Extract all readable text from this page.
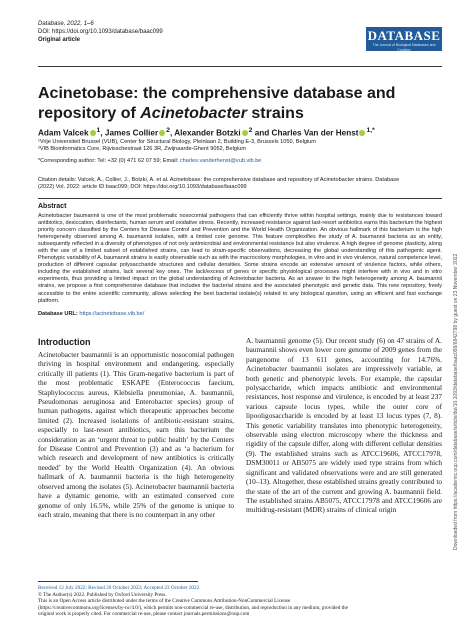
Database, 2022, 1–6
DOI: https://doi.org/10.1093/database/baac099
Original article	DATABASE
The Journal of Biological Databases and Curation
Acinetobase: the comprehensive database and repository of Acinetobacter strains
Adam Valcek $^1$, James Collier $^2$, Alexander Botzki $^2$ and Charles Van der Henst $^{1,*}$
¹Vrije Universiteit Brussel (VUB), Center for Structural Biology, Pleinlaan 2, Building E-3, Brussels 1050, Belgium
²VIB Bioinformatics Core, Rijvisschestraat 126 3R, Zwijnaarde-Ghent 9052, Belgium
*Corresponding author: Tel: +32 (0) 471 62 07 59; Email: charles.vanderhenst@vub.vib.be
Citation details: Valcek, A., Collier, J., Botzki, A. et al. Acinetobase: the comprehensive database and repository of Acinetobacter strains. Database
(2022) Vol. 2022: article ID baac099; DOI: https://doi.org/10.1093/database/baac099
Abstract

Acinetobacter baumannii is one of the most problematic nosocomial pathogens that can efficiently thrive within hospital settings, mainly due to resistances toward antibiotics, desiccation, disinfectants, human serum and oxidative stress. Recently, increased resistance against last-resort antibiotics earns this bacterium the highest priority concern classified by the Centers for Disease Control and Prevention and the World Health Organization. An obvious hallmark of this bacterium is the high heterogeneity observed among A. baumannii isolates, with a limited core genome. This feature complexifies the study of A. baumannii bacteria as an entity, subsequently reflected in a diversity of phenotypes of not only antimicrobial and environmental resistance but also virulence. A high degree of genome plasticity, along with the use of a limited subset of established strains, can lead to strain-specific observations, decreasing the global understanding of this pathogenic agent. Phenotypic variability of A. baumannii strains is easily observable such as with the macrocolony morphologies, in vitro and in vivo virulence, natural competence level, production of different capsular polysaccharide structures and cellular densities. Some strains encode an extensive amount of virulence factors, while others, including the established strains, lack several key ones. The lack/excess of genes or specific physiological processes might interfere with in vivo and in vitro experiments, thus providing a limited impact on the global understanding of Acinetobacter bacteria. As an answer to the high heterogeneity among A. baumannii strains, we propose a first comprehensive database that includes the bacterial strains and the associated phenotypic and genetic data. This new repository, freely accessible to the entire scientific community, allows selecting the best bacterial isolate(s) related to any biological question, using an efficient and fast exchange platform.

Database URL: https://acinetobase.vib.be/
Introduction

Acinetobacter baumannii is an opportunistic nosocomial pathogen thriving in hospital environment and endangering, especially critically ill patients (1). This Gram-negative bacterium is part of the most problematic ESKAPE (Enterococcus faecium, Staphylococcus aureus, Klebsiella pneumoniae, A. baumannii, Pseudomonas aeruginosa and Enterobacter species) group of human pathogens, against which therapeutic approaches become limited (2). Increased isolations of antibiotic-resistant strains, especially to last-resort antibiotics, earn this bacterium the consideration as an ‘urgent threat to public health’ by the Centers for Disease Control and Prevention (3) and as ‘a bacterium for which research and development of new antibiotics is critically needed’ by the World Health Organization (4). An obvious hallmark of A. baumannii bacteria is the high heterogeneity observed among the isolates (5). Acinetobacter baumannii bacteria have a dynamic genome, with an estimated conserved core genome of only 16.5%, while 25% of the genome is unique to each strain, meaning that there is no counterpart in any other

A. baumannii genome (5). Our recent study (6) on 47 strains of A. baumannii shows even lower core genome of 2009 genes from the pangenome of 13 611 genes, accounting for 14.76%. Acinetobacter baumannii isolates are impressively variable, at both genetic and phenotypic levels. For example, the capsular polysaccharide, which impacts antibiotic and environmental resistances, host response and virulence, is encoded by at least 237 various capsule locus types, while the outer core of lipooligosaccharide is encoded by at least 13 locus types (7, 8). This genetic variability translates into phenotypic heterogeneity, observable using electron microscopy where the thickness and rigidity of the capsule differ, along with different cellular densities (9). The established strains such as ATCC19606, ATCC17978, DSM30011 or AB5075 are widely used type strains from which significant and validated observations were and are still generated (10–13). Altogether, these established strains greatly contributed to the state of the art of the current and growing A. baumannii field. The established strains AB5075, ATCC17978 and ATCC19606 are multidrug-resistant (MDR) strains of clinical origin

Received 12 July 2022; Revised 20 October 2022; Accepted 23 October 2022
© The Author(s) 2022. Published by Oxford University Press.
This is an Open Access article distributed under the terms of the Creative Commons Attribution-NonCommercial License
(https://creativecommons.org/licenses/by-nc/4.0/), which permits non-commercial re-use, distribution, and reproduction in any medium, provided the
original work is properly cited. For commercial re-use, please contact journals.permissions@oup.com
Downloaded from https://academic.oup.com/database/article/doi/10.1093/database/baac099/6842798 by guest on 23 November 2022
